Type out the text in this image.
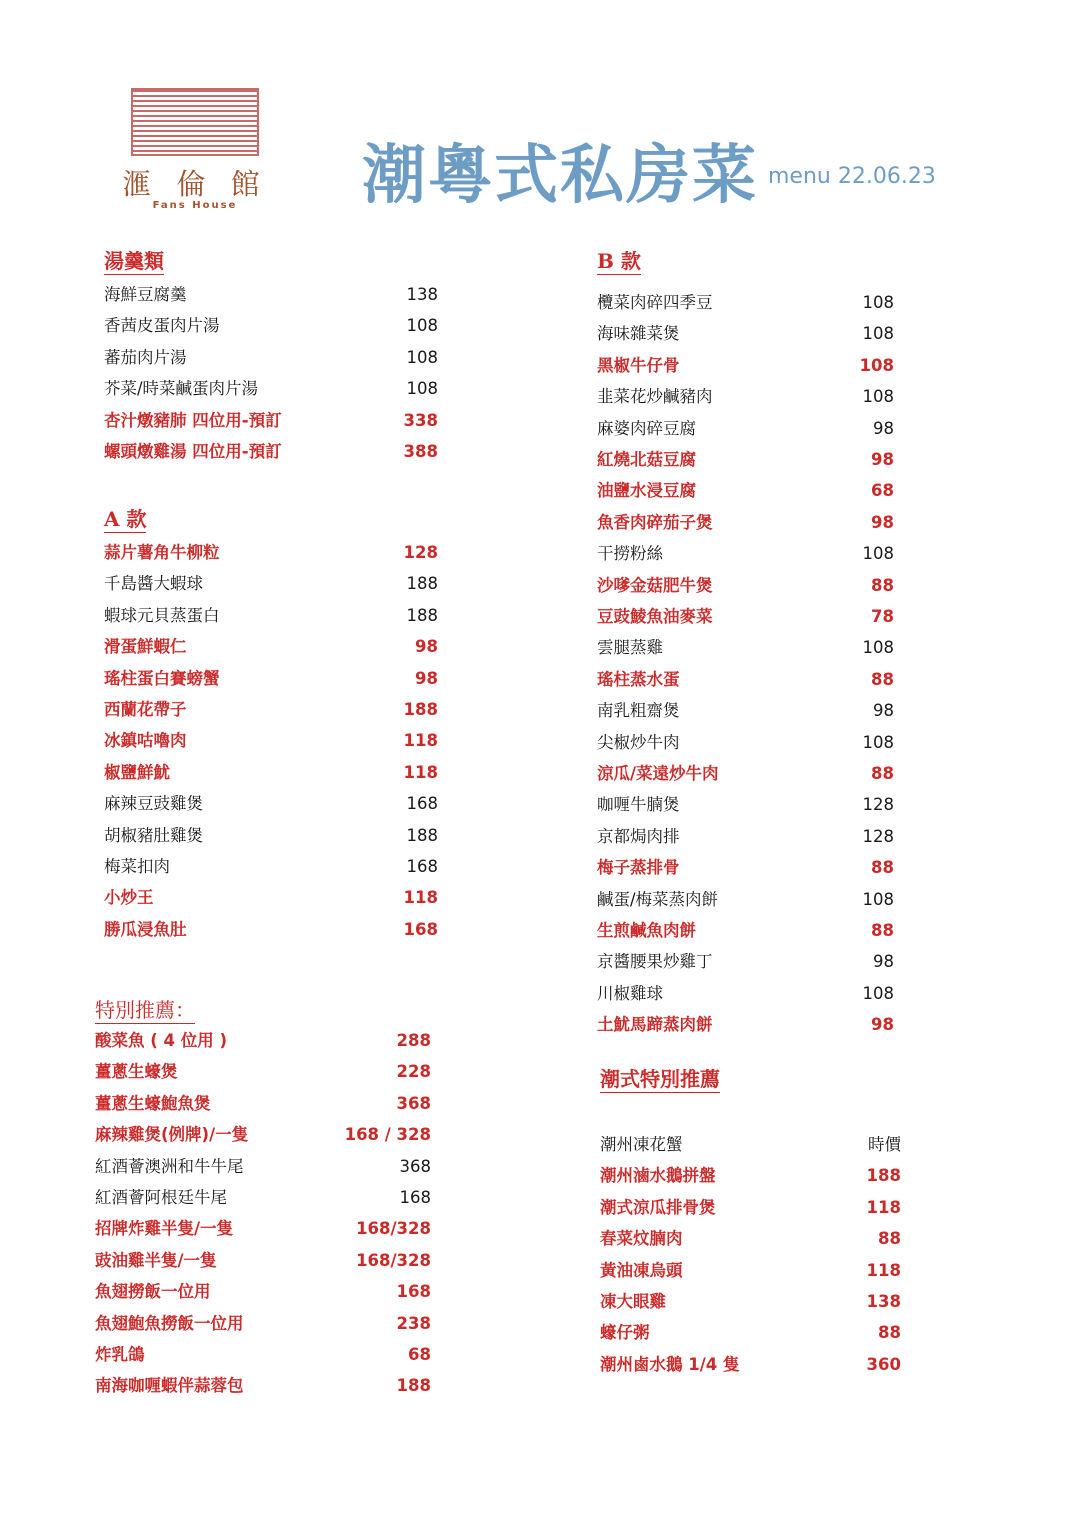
滙 倫 館
Fans House	潮粵式私房菜 menu 22.06.23
湯羹類
海鮮豆腐羹	138
香茜皮蛋肉片湯	108
蕃茄肉片湯	108
芥菜/時菜鹹蛋肉片湯	108
杏汁燉豬肺 四位用-預訂	338
螺頭燉雞湯 四位用-預訂	388
A 款
蒜片薯角牛柳粒	128
千島醬大蝦球	188
蝦球元貝蒸蛋白	188
滑蛋鮮蝦仁	98
瑤柱蛋白賽螃蟹	98
西蘭花帶子	188
冰鎮咕嚕肉	118
椒鹽鮮魷	118
麻辣豆豉雞煲	168
胡椒豬肚雞煲	188
梅菜扣肉	168
小炒王	118
勝瓜浸魚肚	168
特別推薦：
酸菜魚 ( 4 位用 )	288
薑蔥生蠔煲	228
薑蔥生蠔鮑魚煲	368
麻辣雞煲(例牌)/一隻	168 / 328
紅酒薈澳洲和牛牛尾	368
紅酒薈阿根廷牛尾	168
招牌炸雞半隻/一隻	168/328
豉油雞半隻/一隻	168/328
魚翅撈飯一位用	168
魚翅鮑魚撈飯一位用	238
炸乳鴿	68
南海咖喱蝦伴蒜蓉包	188
B 款
欖菜肉碎四季豆	108
海味雜菜煲	108
黑椒牛仔骨	108
韭菜花炒鹹豬肉	108
麻婆肉碎豆腐	98
紅燒北菇豆腐	98
油鹽水浸豆腐	68
魚香肉碎茄子煲	98
干撈粉絲	108
沙嗲金菇肥牛煲	88
豆豉鯪魚油麥菜	78
雲腿蒸雞	108
瑤柱蒸水蛋	88
南乳粗齋煲	98
尖椒炒牛肉	108
涼瓜/菜遠炒牛肉	88
咖喱牛腩煲	128
京都焗肉排	128
梅子蒸排骨	88
鹹蛋/梅菜蒸肉餅	108
生煎鹹魚肉餅	88
京醬腰果炒雞丁	98
川椒雞球	108
土魷馬蹄蒸肉餅	98
潮式特別推薦
潮州凍花蟹	時價
潮州滷水鵝拼盤	188
潮式涼瓜排骨煲	118
春菜炆腩肉	88
黃油凍烏頭	118
凍大眼雞	138
蠔仔粥	88
潮州鹵水鵝 1/4 隻	360
